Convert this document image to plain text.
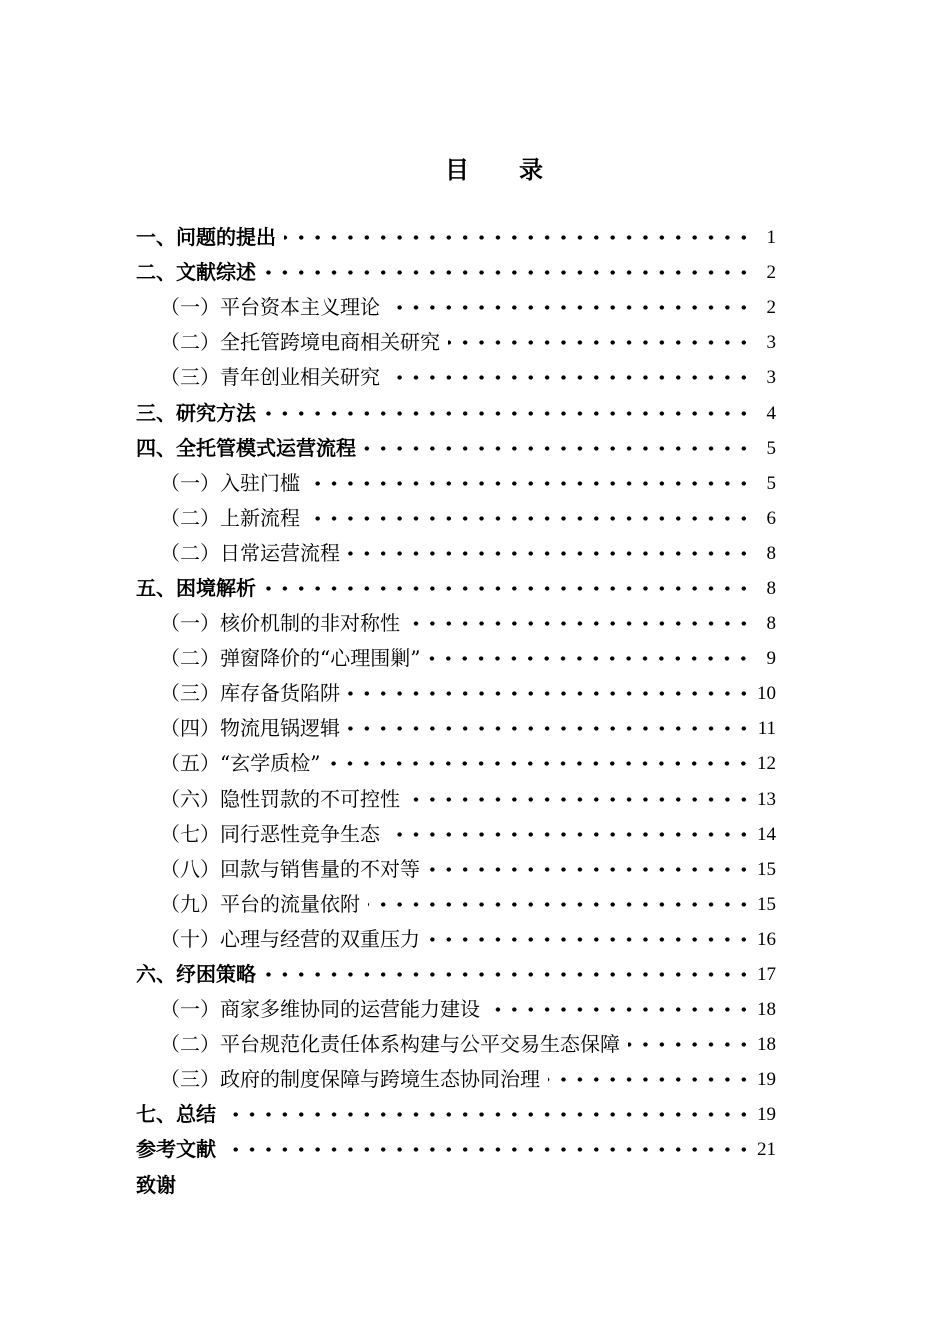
目 录
一、问题的提出	1
二、文献综述	2
（一）平台资本主义理论	2
（二）全托管跨境电商相关研究	3
（三）青年创业相关研究	3
三、研究方法	4
四、全托管模式运营流程	5
（一）入驻门槛	5
（二）上新流程	6
（二）日常运营流程	8
五、困境解析	8
（一）核价机制的非对称性	8
（二）弹窗降价的“心理围剿”	9
（三）库存备货陷阱	10
（四）物流甩锅逻辑	11
（五）“玄学质检”	12
（六）隐性罚款的不可控性	13
（七）同行恶性竞争生态	14
（八）回款与销售量的不对等	15
（九）平台的流量依附	15
（十）心理与经营的双重压力	16
六、纾困策略	17
（一）商家多维协同的运营能力建设	18
（二）平台规范化责任体系构建与公平交易生态保障	18
（三）政府的制度保障与跨境生态协同治理	19
七、总结	19
参考文献	21
致谢
